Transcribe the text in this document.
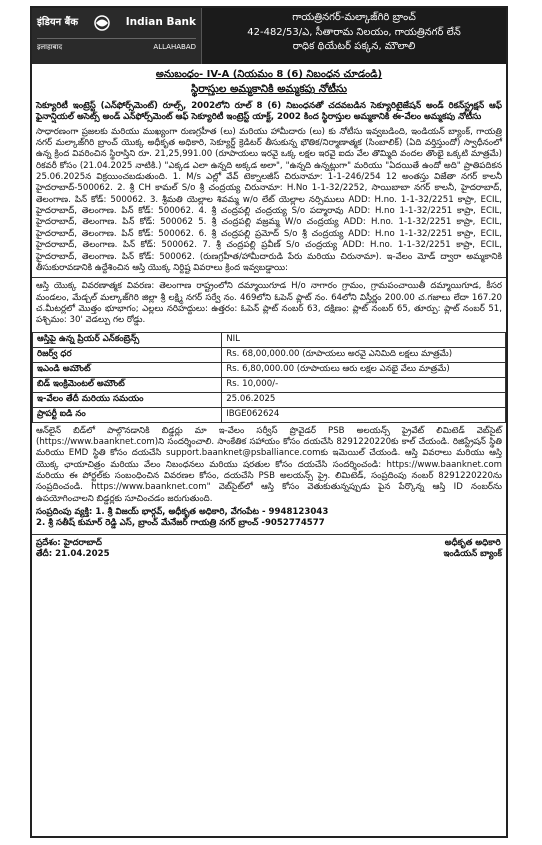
इंडियन बैंक	Indian Bank
इलाहाबाद	ALLAHABAD
గాయత్రినగర్-మల్కాజ్‌గిరి బ్రాంచ్
42-482/53/ఎ, సీతారామ నిలయం, గాయత్రినగర్ లేన్
రాధిక థియేటర్ పక్కన, మౌలాలి
అనుబంధం- IV-A (నియమం 8 (6) నిబంధన చూడండి)
స్థిరాస్తుల అమ్మకానికి అమ్మకపు నోటీసు
సెక్యూరిటీ ఇంట్రెస్ట్ (ఎన్‌ఫోర్స్‌మెంట్) రూల్స్, 2002లోని రూల్ 8 (6) నిబంధనతో చదవబడిన సెక్యూరిటైజేషన్ అండ్ రికన్‌స్ట్రక్షన్ ఆఫ్ ఫైనాన్షియల్ అసెట్స్ అండ్ ఎన్‌ఫోర్స్‌మెంట్ ఆఫ్ సెక్యూరిటీ ఇంట్రెస్ట్ యాక్ట్, 2002 కింద స్థిరాస్తుల అమ్మకానికి ఈ-వేలం అమ్మకపు నోటీసు
సాధారణంగా ప్రజలకు మరియు ముఖ్యంగా రుణగ్రహీత (లు) మరియు హామీదారు (లు) కు నోటీసు ఇవ్వబడింది, ఇండియన్ బ్యాంక్, గాయత్రి నగర్ మల్కాజ్‌గిరి బ్రాంచ్ యొక్క అధీకృత అధికారి, సెక్యూర్డ్ క్రెడిటర్ తీసుకున్న భౌతిక/నిర్మాణాత్మక (సింబాలిక్) (ఏది వర్తిస్తుందో) స్వాధీనంలో ఉన్న క్రింద వివరించిన స్థిరాస్తిని రూ. 21,25,991.00 (రూపాయలు ఇరవై ఒక్క లక్షల ఇరవై ఐదు వేల తొమ్మిది వందల తొంభై ఒక్కటి మాత్రమే) రికవరీ కోసం (21.04.2025 నాటికి.) "ఎక్కడ ఎలా ఉన్నది అక్కడ అలా", "ఉన్నది ఉన్నట్లుగా" మరియు "ఏదయితే ఉందో అది" ప్రాతిపదికన 25.06.2025న విక్రయించబడుతుంది. 1. M/s ఎల్లో వేవ్ టెక్నాలజీస్ చిరునామా: 1-1-246/254 12 అంతస్తు విజేతా నగర్ కాలనీ హైదరాబాద్-500062. 2. శ్రీ CH కామల్ S/o శ్రీ చంద్రయ్య చిరునామా: H.No 1-1-32/2252, సాయిబాబా నగర్ కాలనీ, హైదరాబాద్, తెలంగాణ. పిన్ కోడ్: 500062. 3. శ్రీమతి యెల్లాల శివమ్మ w/o లేట్ యెల్లాల నర్సిములు ADD: H.no. 1-1-32/2251 కాప్రా, ECIL, హైదరాబాద్, తెలంగాణ. పిన్ కోడ్: 500062. 4. శ్రీ చంద్రపల్లి చంద్రయ్య S/o పద్మారావు ADD: H.no 1-1-32/2251 కాప్రా, ECIL, హైదరాబాద్, తెలంగాణ. పిన్ కోడ్: 500062 5. శ్రీ చంద్రపల్లి వజ్రమ్మ W/o చంద్రయ్య ADD: H.no. 1-1-32/2251 కాప్రా, ECIL, హైదరాబాద్, తెలంగాణ. పిన్ కోడ్: 500062. 6. శ్రీ చంద్రపల్లి ప్రమోద్ S/o శ్రీ చంద్రయ్య ADD: H.no 1-1-32/2251 కాప్రా, ECIL, హైదరాబాద్, తెలంగాణ. పిన్ కోడ్: 500062. 7. శ్రీ చంద్రపల్లి ప్రవీణ్ S/o చంద్రయ్య ADD: H.no. 1-1-32/2251 కాప్రా, ECIL, హైదరాబాద్, తెలంగాణ. పిన్ కోడ్: 500062. (రుణగ్రహీత/హామీదారుడి పేరు మరియు చిరునామా). ఇ-వేలం మోడ్ ద్వారా అమ్మకానికి తీసుకురావడానికి ఉద్దేశించిన ఆస్తి యొక్క నిర్దిష్ట వివరాలు క్రింద ఇవ్వబడ్డాయి:
ఆస్తి యొక్క వివరణాత్మక వివరణ: తెలంగాణ రాష్ట్రంలోని దమ్మాయిగూడ H/o నాగారం గ్రామం, గ్రామపంచాయితీ దమ్మాయిగూడ, కీసర మండలం, మేడ్చల్ మల్కాజ్‌గిరి జిల్లా శ్రీ లక్ష్మి నగర్ సర్వే నం. 469లోని ఓపెన్ ప్లాట్ నం. 64లోని విస్తీర్ణం 200.00 చ.గజాలు లేదా 167.20 చ.మీటర్లలో మొత్తం భూభాగం; ఎల్లలు నరిహద్దులు: ఉత్తరం: ఓపెన్ ప్లాట్ నంబర్ 63, దక్షిణం: ప్లాట్ నంబర్ 65, తూర్పు: ప్లాట్ నంబర్ 51, పశ్చిమం: 30' వెడల్పు గల రోడ్డు.
ఆస్తిపై ఉన్న ప్రియర్ ఎన్‌కంబ్రెన్స్	NIL
రిజర్వ్ ధర	Rs. 68,00,000.00 (రూపాయలు అరవై ఎనిమిది లక్షలు మాత్రమే)
ఇఎండి అమౌంట్	Rs. 6,80,000.00 (రూపాయలు ఆరు లక్షల ఎనభై వేలు మాత్రమే)
బిడ్ ఇంక్రిమెంటల్ అమౌంట్	Rs. 10,000/-
ఇ-వేలం తేదీ మరియు సమయం	25.06.2025
ప్రాపర్టీ ఐడి నం	IBGE062624
ఆన్‌లైన్ బిడ్‌లో పాల్గొనడానికి బిడ్డర్లు మా ఇ-వేలం సర్వీస్ ప్రొవైడర్ PSB అలయన్స్ ప్రైవేట్ లిమిటెడ్ వెబ్‌సైట్ (https://www.baanknet.com)ని సందర్శించాలి. సాంకేతిక సహాయం కోసం దయచేసి 8291220220కు కాల్ చేయండి. రిజిస్ట్రేషన్ స్థితి మరియు EMD స్థితి కోసం దయచేసి support.baanknet@psballiance.comకు ఇమెయిల్ చేయండి. ఆస్తి వివరాలు మరియు ఆస్తి యొక్క ఛాయాచిత్రం మరియు వేలం నిబంధనలు మరియు షరతుల కోసం దయచేసి సందర్శించండి: https://www.baanknet.com మరియు ఈ పోర్టల్‌కు సంబంధించిన వివరణల కోసం, దయచేసి PSB అలయన్స్ ప్రై. లిమిటెడ్, సంప్రదింపు నంబర్ 8291220220ను సంప్రదించండి. https://www.baanknet.com" వెబ్‌సైట్‌లో ఆస్తి కోసం వెతుకుతున్నప్పుడు పైన పేర్కొన్న ఆస్తి ID నంబర్‌ను ఉపయోగించాలని బిడ్డర్లకు సూచించడం జరుగుతుంది.
సంప్రదింపు వ్యక్తి: 1. శ్రీ విజయ్ భార్గవ్, అధీకృత అధికారి, వేగంపేట - 9948123043
2. శ్రీ సతీష్ కుమార్ రెడ్డి ఎస్, బ్రాంచ్ మేనేజర్ గాయత్రి నగర్ బ్రాంచ్ -9052774577
ప్రదేశం: హైదరాబాద్
తేదీ: 21.04.2025
అధీకృత అధికారి
ఇండియన్ బ్యాంక్
